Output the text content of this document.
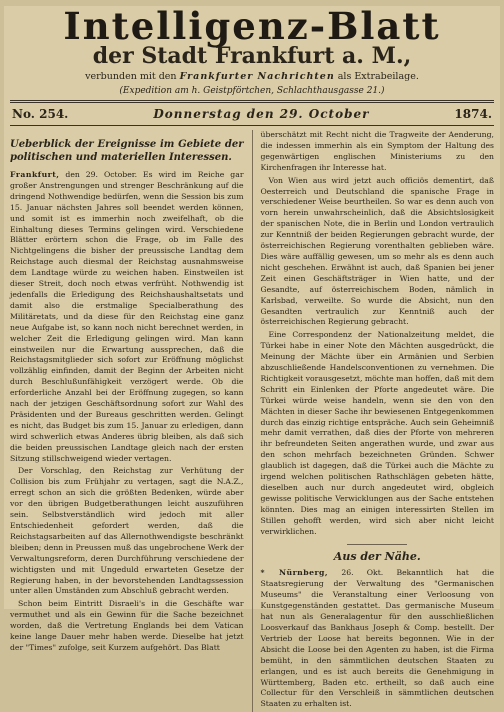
Intelligenz-Blatt
der Stadt Frankfurt a. M.,
verbunden mit den Frankfurter Nachrichten als Extrabeilage.
(Expedition am h. Geistpförtchen, Schlachthausgasse 21.)
No. 254.	Donnerstag den 29. October	1874.
Ueberblick der Ereignisse im Gebiete der politischen und materiellen Interessen.

Frankfurt, den 29. October. Es wird im Reiche gar großer Anstrengungen und strenger Beschränkung auf die dringend Nothwendige bedürfen, wenn die Session bis zum 15. Januar nächsten Jahres soll beendet werden können, und somit ist es immerhin noch zweifelhaft, ob die Einhaltung dieses Termins gelingen wird. Verschiedene Blätter erörtern schon die Frage, ob im Falle des Nichtgelingens die bisher der preussische Landtag dem Reichstage auch diesmal der Reichstag ausnahmsweise dem Landtage würde zu weichen haben. Einstweilen ist dieser Streit, doch noch etwas verfrüht. Nothwendig ist jedenfalls die Erledigung des Reichshaushaltsetats und damit also die erstmalige Specialberathung des Militäretats, und da diese für den Reichstag eine ganz neue Aufgabe ist, so kann noch nicht berechnet werden, in welcher Zeit die Erledigung gelingen wird. Man kann einstweilen nur die Erwartung aussprechen, daß die Reichstagsmitglieder sich sofort zur Eröffnung möglichst vollzählig einfinden, damit der Beginn der Arbeiten nicht durch Beschlußunfähigkeit verzögert werde. Ob die erforderliche Anzahl bei der Eröffnung zugegen, so kann nach der jetzigen Geschäftsordnung sofort zur Wahl des Präsidenten und der Bureaus geschritten werden. Gelingt es nicht, das Budget bis zum 15. Januar zu erledigen, dann wird schwerlich etwas Anderes übrig bleiben, als daß sich die beiden preussischen Landtage gleich nach der ersten Sitzung stillschweigend wieder vertagen.

Der Vorschlag, den Reichstag zur Verhütung der Collision bis zum Frühjahr zu vertagen, sagt die N.A.Z., erregt schon an sich die größten Bedenken, würde aber vor den übrigen Budgetberathungen leicht auszuführen sein. Selbstverständlich wird jedoch mit aller Entschiedenheit gefordert werden, daß die Reichstagsarbeiten auf das Allernothwendigste beschränkt bleiben; denn in Preussen muß das ungebrochene Werk der Verwaltungsreform, deren Durchführung verschiedene der wichtigsten und mit Ungeduld erwarteten Gesetze der Regierung haben, in der bevorstehenden Landtagssession unter allen Umständen zum Abschluß gebracht werden.

Schon beim Eintritt Disraeli's in die Geschäfte war vermuthet und als ein Gewinn für die Sache bezeichnet worden, daß die Vertretung Englands bei dem Vatican keine lange Dauer mehr haben werde. Dieselbe hat jetzt der "Times" zufolge, seit Kurzem aufgehört. Das Blatt

überschätzt mit Recht nicht die Tragweite der Aenderung, die indessen immerhin als ein Symptom der Haltung des gegenwärtigen englischen Ministeriums zu den Kirchenfragen ihr Interesse hat.

Von Wien aus wird jetzt auch officiös dementirt, daß Oesterreich und Deutschland die spanische Frage in verschiedener Weise beurtheilen. So war es denn auch von vorn herein unwahrscheinlich, daß die Absichtslosigkeit der spanischen Note, die in Berlin und London vertraulich zur Kenntniß der beiden Regierungen gebracht wurde, der österreichischen Regierung vorenthalten geblieben wäre. Dies wäre auffällig gewesen, um so mehr als es denn auch nicht geschehen. Erwähnt ist auch, daß Spanien bei jener Zeit einen Geschäftsträger in Wien hatte, und der Gesandte, auf österreichischem Boden, nämlich in Karlsbad, verweilte. So wurde die Absicht, nun den Gesandten vertraulich zur Kenntniß auch der österreichischen Regierung gebracht.

Eine Correspondenz der Nationalzeitung meldet, die Türkei habe in einer Note den Mächten ausgedrückt, die Meinung der Mächte über ein Armänien und Serbien abzuschließende Handelsconventionen zu vernehmen. Die Richtigkeit vorausgesetzt, möchte man hoffen, daß mit dem Schritt ein Einlenken der Pforte angedeutet wäre. Die Türkei würde weise handeln, wenn sie den von den Mächten in dieser Sache ihr bewiesenen Entgegenkommen durch das einzig richtige entspräche. Auch sein Geheimniß mehr damit verrathen, daß dies der Pforte von mehreren ihr befreundeten Seiten angerathen wurde, und zwar aus den schon mehrfach bezeichneten Gründen. Schwer glaublich ist dagegen, daß die Türkei auch die Mächte zu irgend welchen politischen Rathschlägen gebeten hätte, dieselben auch nur durch angedeutet wird, obgleich gewisse politische Verwicklungen aus der Sache entstehen könnten. Dies mag an einigen interessirten Stellen im Stillen gehofft werden, wird sich aber nicht leicht verwirklichen.

Aus der Nähe.

* Nürnberg, 26. Okt. Bekanntlich hat die Staatsregierung der Verwaltung des "Germanischen Museums" die Veranstaltung einer Verloosung von Kunstgegenständen gestattet. Das germanische Museum hat nun als Generalagentur für den ausschließlichen Loosverkauf das Bankhaus Joseph & Comp. bestellt. Der Vertrieb der Loose hat bereits begonnen. Wie in der Absicht die Loose bei den Agenten zu haben, ist die Firma bemüht, in den sämmtlichen deutschen Staaten zu erlangen, und es ist auch bereits die Genehmigung in Württemberg, Baden etc. ertheilt, so daß auch eine Collectur für den Verschleiß in sämmtlichen deutschen Staaten zu erhalten ist.
